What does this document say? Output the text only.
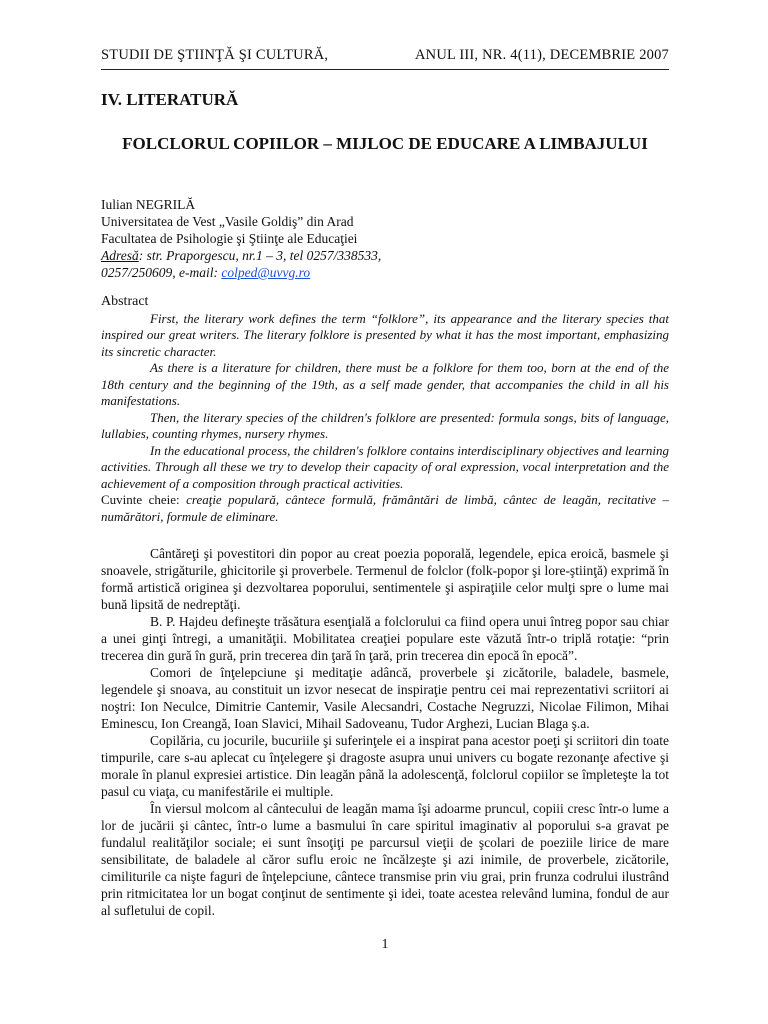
STUDII DE ŞTIINŢĂ ŞI CULTURĂ,	ANUL III, NR. 4(11), DECEMBRIE 2007
IV. LITERATURĂ
FOLCLORUL COPIILOR – MIJLOC DE EDUCARE A LIMBAJULUI
Iulian NEGRILĂ
Universitatea de Vest „Vasile Goldiş” din Arad
Facultatea de Psihologie şi Ştiinţe ale Educaţiei
Adresă: str. Praporgescu, nr.1 – 3, tel 0257/338533,
0257/250609, e-mail: colped@uvvg.ro
Abstract

First, the literary work defines the term “folklore”, its appearance and the literary species that inspired our great writers. The literary folklore is presented by what it has the most important, emphasizing its sincretic character.

As there is a literature for children, there must be a folklore for them too, born at the end of the 18th century and the beginning of the 19th, as a self made gender, that accompanies the child in all his manifestations.

Then, the literary species of the children's folklore are presented: formula songs, bits of language, lullabies, counting rhymes, nursery rhymes.

In the educational process, the children's folklore contains interdisciplinary objectives and learning activities. Through all these we try to develop their capacity of oral expression, vocal interpretation and the achievement of a composition through practical activities.

Cuvinte cheie: creaţie populară, cântece formulă, frământări de limbă, cântec de leagăn, recitative – numărători, formule de eliminare.

Cântăreţi şi povestitori din popor au creat poezia poporală, legendele, epica eroică, basmele şi snoavele, strigăturile, ghicitorile şi proverbele. Termenul de folclor (folk-popor şi lore-ştiinţă) exprimă în formă artistică originea şi dezvoltarea poporului, sentimentele şi aspiraţiile celor mulţi spre o lume mai bună lipsită de nedreptăţi.

B. P. Hajdeu defineşte trăsătura esenţială a folclorului ca fiind opera unui întreg popor sau chiar a unei ginţi întregi, a umanităţii. Mobilitatea creaţiei populare este văzută într-o triplă rotaţie: “prin trecerea din gură în gură, prin trecerea din ţară în ţară, prin trecerea din epocă în epocă”.

Comori de înţelepciune şi meditaţie adâncă, proverbele şi zicătorile, baladele, basmele, legendele şi snoava, au constituit un izvor nesecat de inspiraţie pentru cei mai reprezentativi scriitori ai noştri: Ion Neculce, Dimitrie Cantemir, Vasile Alecsandri, Costache Negruzzi, Nicolae Filimon, Mihai Eminescu, Ion Creangă, Ioan Slavici, Mihail Sadoveanu, Tudor Arghezi, Lucian Blaga ş.a.

Copilăria, cu jocurile, bucuriile şi suferinţele ei a inspirat pana acestor poeţi şi scriitori din toate timpurile, care s-au aplecat cu înţelegere şi dragoste asupra unui univers cu bogate rezonanţe afective şi morale în planul expresiei artistice. Din leagăn până la adolescenţă, folclorul copiilor se împleteşte la tot pasul cu viaţa, cu manifestările ei multiple.

În viersul molcom al cântecului de leagăn mama îşi adoarme pruncul, copiii cresc într-o lume a lor de jucării şi cântec, într-o lume a basmului în care spiritul imaginativ al poporului s-a gravat pe fundalul realităţilor sociale; ei sunt însoţiţi pe parcursul vieţii de şcolari de poeziile lirice de mare sensibilitate, de baladele al căror suflu eroic ne încălzeşte şi azi inimile, de proverbele, zicătorile, cimiliturile ca nişte faguri de înţelepciune, cântece transmise prin viu grai, prin frunza codrului ilustrând prin ritmicitatea lor un bogat conţinut de sentimente şi idei, toate acestea relevând lumina, fondul de aur al sufletului de copil.

1
